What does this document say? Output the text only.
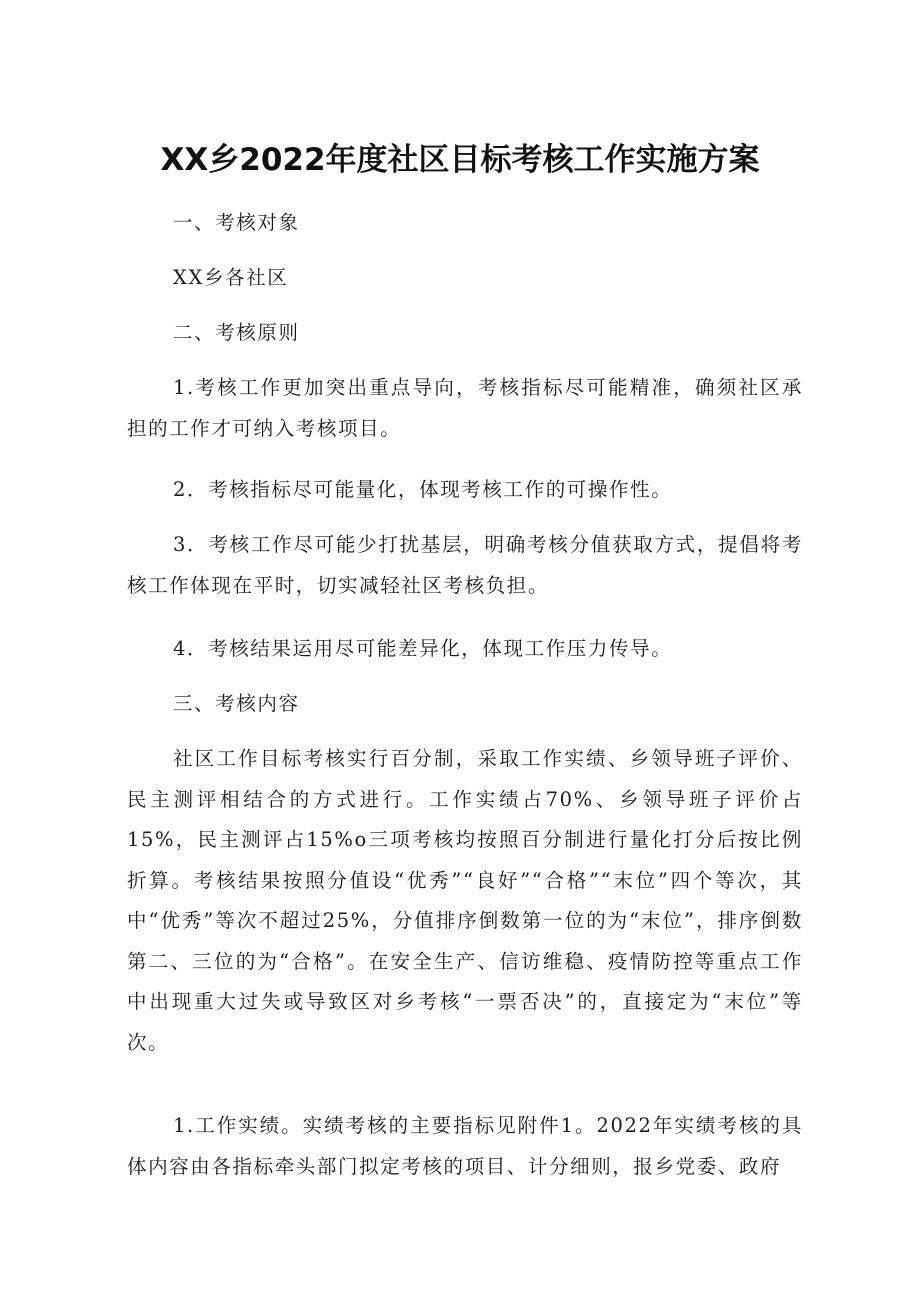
XX乡2022年度社区目标考核工作实施方案

一、考核对象

XX乡各社区

二、考核原则

1.考核工作更加突出重点导向，考核指标尽可能精准，确须社区承担的工作才可纳入考核项目。

2．考核指标尽可能量化，体现考核工作的可操作性。

3．考核工作尽可能少打扰基层，明确考核分值获取方式，提倡将考核工作体现在平时，切实减轻社区考核负担。

4．考核结果运用尽可能差异化，体现工作压力传导。

三、考核内容

社区工作目标考核实行百分制，采取工作实绩、乡领导班子评价、民主测评相结合的方式进行。工作实绩占70%、乡领导班子评价占15%，民主测评占15%o三项考核均按照百分制进行量化打分后按比例折算。考核结果按照分值设“优秀”“良好”“合格”“末位”四个等次，其中“优秀”等次不超过25%，分值排序倒数第一位的为“末位”，排序倒数第二、三位的为“合格”。在安全生产、信访维稳、疫情防控等重点工作中出现重大过失或导致区对乡考核“一票否决”的，直接定为“末位”等次。

1.工作实绩。实绩考核的主要指标见附件1。2022年实绩考核的具体内容由各指标牵头部门拟定考核的项目、计分细则，报乡党委、政府
